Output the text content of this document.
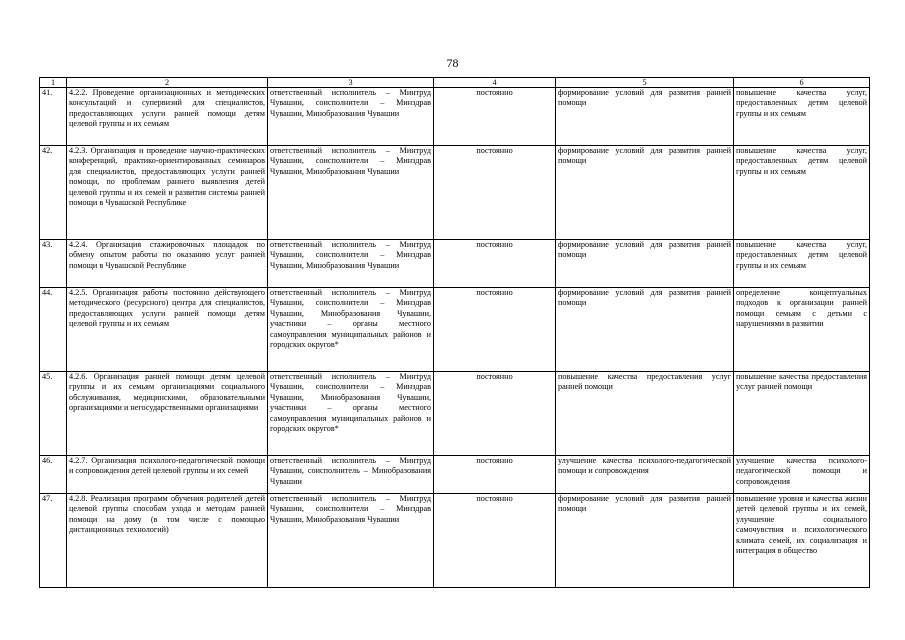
78
1	2	3	4	5	6
41.	4.2.2. Проведение организационных и методических консультаций и супервизий для специалистов, предоставляющих услуги ранней помощи детям целевой группы и их семьям	ответственный исполнитель – Минтруд Чувашии, соисполнители – Минздрав Чувашии, Минобразования Чувашии	постоянно	формирование условий для развития ранней помощи	повышение качества услуг, предоставленных детям целевой группы и их семьям
42.	4.2.3. Организация и проведение научно-практических конференций, практико-ориентированных семинаров для специалистов, предоставляющих услуги ранней помощи, по проблемам раннего выявления детей целевой группы и их семей и развития системы ранней помощи в Чувашской Республике	ответственный исполнитель – Минтруд Чувашии, соисполнители – Минздрав Чувашии, Минобразования Чувашии	постоянно	формирование условий для развития ранней помощи	повышение качества услуг, предоставленных детям целевой группы и их семьям
43.	4.2.4. Организация стажировочных площадок по обмену опытом работы по оказанию услуг ранней помощи в Чувашской Республике	ответственный исполнитель – Минтруд Чувашии, соисполнители – Минздрав Чувашии, Минобразования Чувашии	постоянно	формирование условий для развития ранней помощи	повышение качества услуг, предоставленных детям целевой группы и их семьям
44.	4.2.5. Организация работы постоянно действующего методического (ресурсного) центра для специалистов, предоставляющих услуги ранней помощи детям целевой группы и их семьям	ответственный исполнитель – Минтруд Чувашии, соисполнители – Минздрав Чувашии, Минобразования Чувашии, участники – органы местного самоуправления муниципальных районов и городских округов*	постоянно	формирование условий для развития ранней помощи	определение концептуальных подходов к организации ранней помощи семьям с детьми с нарушениями в развитии
45.	4.2.6. Организация ранней помощи детям целевой группы и их семьям организациями социального обслуживания, медицинскими, образовательными организациями и негосударственными организациями	ответственный исполнитель – Минтруд Чувашии, соисполнители – Минздрав Чувашии, Минобразования Чувашии, участники – органы местного самоуправления муниципальных районов и городских округов*	постоянно	повышение качества предоставления услуг ранней помощи	повышение качества предоставления услуг ранней помощи
46.	4.2.7. Организация психолого-педагогической помощи и сопровождения детей целевой группы и их семей	ответственный исполнитель – Минтруд Чувашии, соисполнитель – Минобразования Чувашии	постоянно	улучшение качества психолого-педагогической помощи и сопровождения	улучшение качества психолого-педагогической помощи и сопровождения
47.	4.2.8. Реализация программ обучения родителей детей целевой группы способам ухода и методам ранней помощи на дому (в том числе с помощью дистанционных технологий)	ответственный исполнитель – Минтруд Чувашии, соисполнители – Минздрав Чувашии, Минобразования Чувашии	постоянно	формирование условий для развития ранней помощи	повышение уровня и качества жизни детей целевой группы и их семей, улучшение социального самочувствия и психологического климата семей, их социализация и интеграция в общество
